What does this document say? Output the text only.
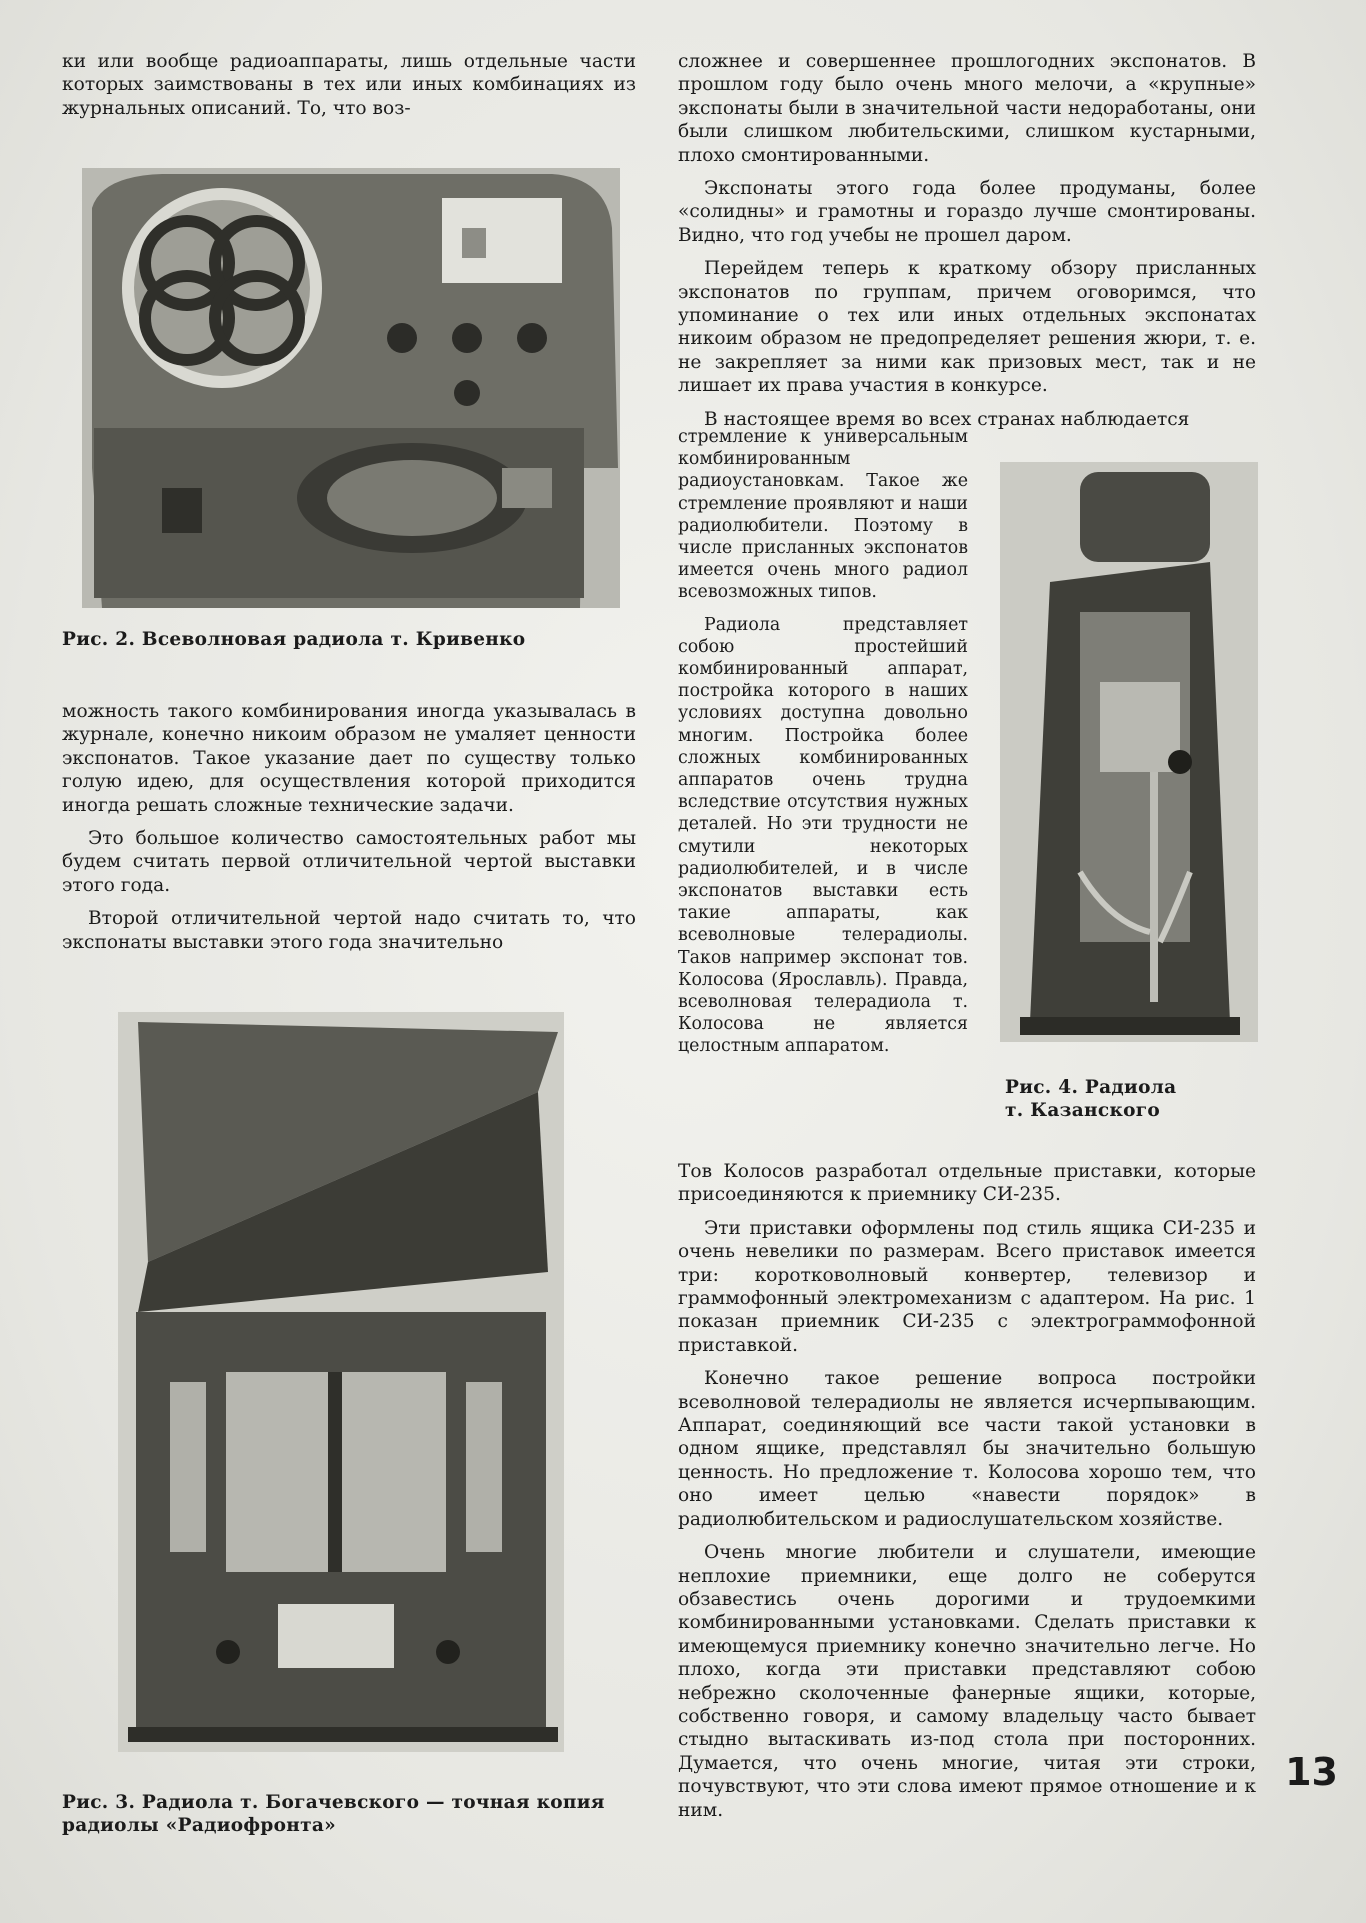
ки или вообще радиоаппараты, лишь отдельные части которых заимствованы в тех или иных комбинациях из журнальных описаний. То, что воз-

Рис. 2. Всеволновая радиола т. Кривенко

можность такого комбинирования иногда указывалась в журнале, конечно никоим образом не умаляет ценности экспонатов. Такое указание дает по существу только голую идею, для осуществления которой приходится иногда решать сложные технические задачи.

Это большое количество самостоятельных работ мы будем считать первой отличительной чертой выставки этого года.

Второй отличительной чертой надо считать то, что экспонаты выставки этого года значительно

Рис. 3. Радиола т. Богачевского — точная копия радиолы «Радиофронта»

сложнее и совершеннее прошлогодних экспонатов. В прошлом году было очень много мелочи, а «крупные» экспонаты были в значительной части недоработаны, они были слишком любительскими, слишком кустарными, плохо смонтированными.

Экспонаты этого года более продуманы, более «солидны» и грамотны и гораздо лучше смонтированы. Видно, что год учебы не прошел даром.

Перейдем теперь к краткому обзору присланных экспонатов по группам, причем оговоримся, что упоминание о тех или иных отдельных экспонатах никоим образом не предопределяет решения жюри, т. е. не закрепляет за ними как призовых мест, так и не лишает их права участия в конкурсе.

В настоящее время во всех странах наблюдается

стремление к универсальным комбинированным радиоустановкам. Такое же стремление проявляют и наши радиолюбители. Поэтому в числе присланных экспонатов имеется очень много радиол всевозможных типов.

Радиола представляет собою простейший комбинированный аппарат, постройка которого в наших условиях доступна довольно многим. Постройка более сложных комбинированных аппаратов очень трудна вследствие отсутствия нужных деталей. Но эти трудности не смутили некоторых радиолюбителей, и в числе экспонатов выставки есть такие аппараты, как всеволновые телерадиолы. Таков например экспонат тов. Колосова (Ярославль). Правда, всеволновая телерадиола т. Колосова не является целостным аппаратом.

Рис. 4. Радиола
т. Казанского

Тов Колосов разработал отдельные приставки, которые присоединяются к приемнику СИ-235.

Эти приставки оформлены под стиль ящика СИ-235 и очень невелики по размерам. Всего приставок имеется три: коротковолновый конвертер, телевизор и граммофонный электромеханизм с адаптером. На рис. 1 показан приемник СИ-235 с электрограммофонной приставкой.

Конечно такое решение вопроса постройки всеволновой телерадиолы не является исчерпывающим. Аппарат, соединяющий все части такой установки в одном ящике, представлял бы значительно большую ценность. Но предложение т. Колосова хорошо тем, что оно имеет целью «навести порядок» в радиолюбительском и радиослушательском хозяйстве.

Очень многие любители и слушатели, имеющие неплохие приемники, еще долго не соберутся обзавестись очень дорогими и трудоемкими комбинированными установками. Сделать приставки к имеющемуся приемнику конечно значительно легче. Но плохо, когда эти приставки представляют собою небрежно сколоченные фанерные ящики, которые, собственно говоря, и самому владельцу часто бывает стыдно вытаскивать из-под стола при посторонних. Думается, что очень многие, читая эти строки, почувствуют, что эти слова имеют прямое отношение и к ним.

13
